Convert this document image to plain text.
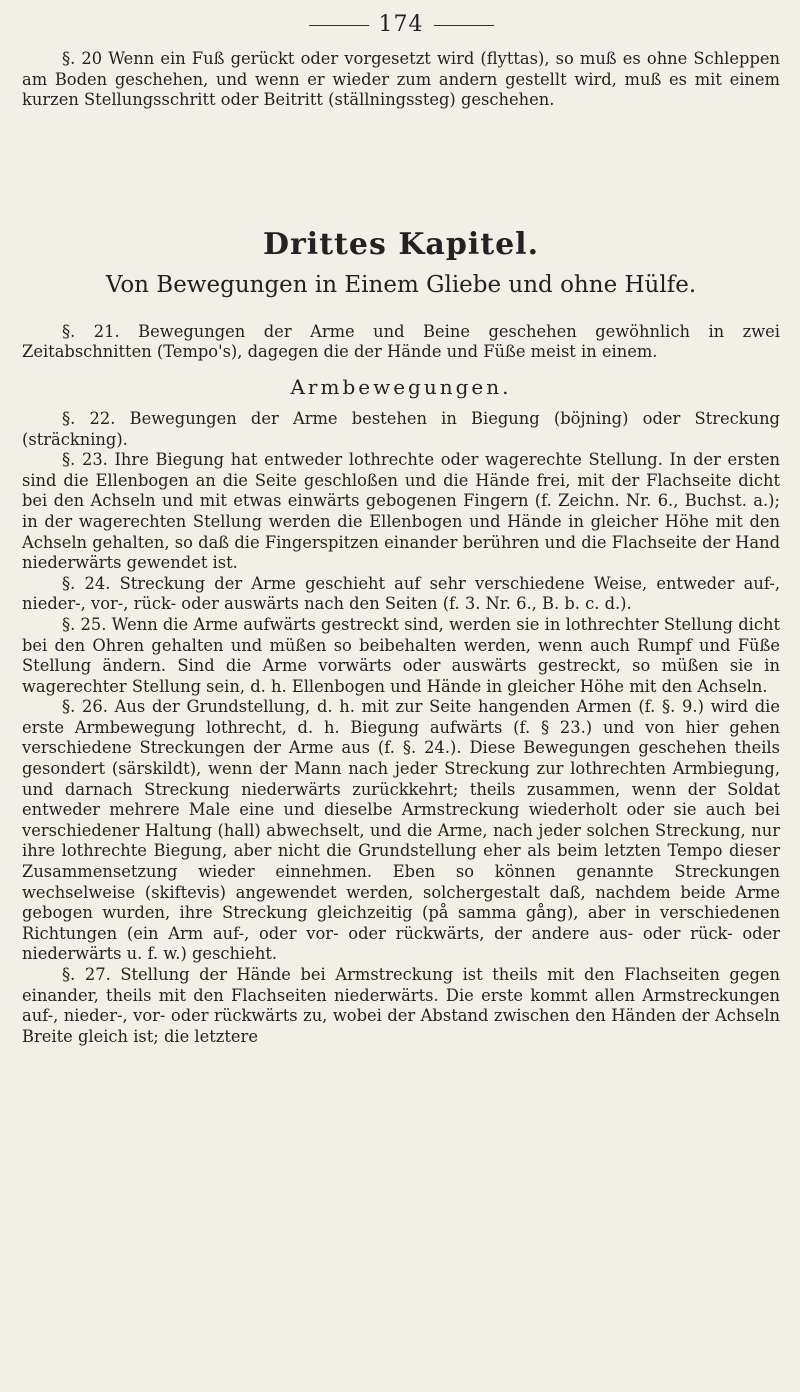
174

§. 20 Wenn ein Fuß gerückt oder vorgesetzt wird (flyttas), so muß es ohne Schleppen am Boden geschehen, und wenn er wieder zum andern gestellt wird, muß es mit einem kurzen Stellungsschritt oder Beitritt (ställningssteg) geschehen.

Drittes Kapitel.
Von Bewegungen in Einem Gliebe und ohne Hülfe.

§. 21. Bewegungen der Arme und Beine geschehen gewöhnlich in zwei Zeitabschnitten (Tempo's), dagegen die der Hände und Füße meist in einem.

Armbewegungen.

§. 22. Bewegungen der Arme bestehen in Biegung (böjning) oder Streckung (sträckning).

§. 23. Ihre Biegung hat entweder lothrechte oder wagerechte Stellung. In der ersten sind die Ellenbogen an die Seite geschloßen und die Hände frei, mit der Flachseite dicht bei den Achseln und mit etwas einwärts gebogenen Fingern (f. Zeichn. Nr. 6., Buchst. a.); in der wagerechten Stellung werden die Ellenbogen und Hände in gleicher Höhe mit den Achseln gehalten, so daß die Fingerspitzen einander berühren und die Flachseite der Hand niederwärts gewendet ist.

§. 24. Streckung der Arme geschieht auf sehr verschiedene Weise, entweder auf-, nieder-, vor-, rück- oder auswärts nach den Seiten (f. 3. Nr. 6., B. b. c. d.).

§. 25. Wenn die Arme aufwärts gestreckt sind, werden sie in lothrechter Stellung dicht bei den Ohren gehalten und müßen so beibehalten werden, wenn auch Rumpf und Füße Stellung ändern. Sind die Arme vorwärts oder auswärts gestreckt, so müßen sie in wagerechter Stellung sein, d. h. Ellenbogen und Hände in gleicher Höhe mit den Achseln.

§. 26. Aus der Grundstellung, d. h. mit zur Seite hangenden Armen (f. §. 9.) wird die erste Armbewegung lothrecht, d. h. Biegung aufwärts (f. § 23.) und von hier gehen verschiedene Streckungen der Arme aus (f. §. 24.). Diese Bewegungen geschehen theils gesondert (särskildt), wenn der Mann nach jeder Streckung zur lothrechten Armbiegung, und darnach Streckung niederwärts zurückkehrt; theils zusammen, wenn der Soldat entweder mehrere Male eine und dieselbe Armstreckung wiederholt oder sie auch bei verschiedener Haltung (hall) abwechselt, und die Arme, nach jeder solchen Streckung, nur ihre lothrechte Biegung, aber nicht die Grundstellung eher als beim letzten Tempo dieser Zusammensetzung wieder einnehmen. Eben so können genannte Streckungen wechselweise (skiftevis) angewendet werden, solchergestalt daß, nachdem beide Arme gebogen wurden, ihre Streckung gleichzeitig (på samma gång), aber in verschiedenen Richtungen (ein Arm auf-, oder vor- oder rückwärts, der andere aus- oder rück- oder niederwärts u. f. w.) geschieht.

§. 27. Stellung der Hände bei Armstreckung ist theils mit den Flachseiten gegen einander, theils mit den Flachseiten niederwärts. Die erste kommt allen Armstreckungen auf-, nieder-, vor- oder rückwärts zu, wobei der Abstand zwischen den Händen der Achseln Breite gleich ist; die letztere
